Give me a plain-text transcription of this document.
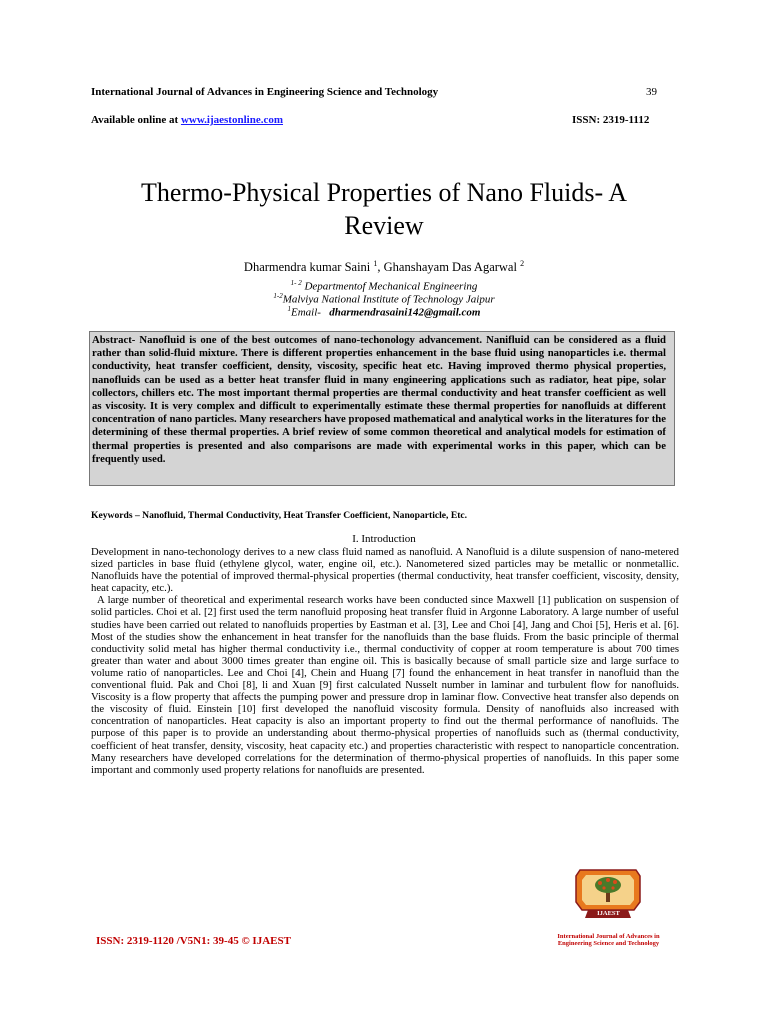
International Journal of Advances in Engineering Science and Technology	39
Available online at www.ijaestonline.com	ISSN: 2319-1112
Thermo-Physical Properties of Nano Fluids- A
Review
Dharmendra kumar Saini $^1$, Ghanshayam Das Agarwal $^2$
$^{1- 2}$ Departmentof Mechanical Engineering
$^{1-2}$Malviya National Institute of Technology Jaipur
$^1$Email- dharmendrasaini142@gmail.com
Abstract- Nanofluid is one of the best outcomes of nano-techonology advancement. Nanifluid can be considered as a fluid rather than solid-fluid mixture. There is different properties enhancement in the base fluid using nanoparticles i.e. thermal conductivity, heat transfer coefficient, density, viscosity, specific heat etc. Having improved thermo physical properties, nanofluids can be used as a better heat transfer fluid in many engineering applications such as radiator, heat pipe, solar collectors, chillers etc. The most important thermal properties are thermal conductivity and heat transfer coefficient as well as viscosity. It is very complex and difficult to experimentally estimate these thermal properties for nanofluids at different concentration of nano particles. Many researchers have proposed mathematical and analytical works in the literatures for the determining of these thermal properties. A brief review of some common theoretical and analytical models for estimation of thermal properties is presented and also comparisons are made with experimental works in this paper, which can be frequently used.
Keywords – Nanofluid, Thermal Conductivity, Heat Transfer Coefficient, Nanoparticle, Etc.
I. Introduction

Development in nano-techonology derives to a new class fluid named as nanofluid. A Nanofluid is a dilute suspension of nano-metered sized particles in base fluid (ethylene glycol, water, engine oil, etc.). Nanometered sized particles may be metallic or nonmetallic. Nanofluids have the potential of improved thermal-physical properties (thermal conductivity, heat transfer coefficient, viscosity, density, heat capacity, etc.).

A large number of theoretical and experimental research works have been conducted since Maxwell [1] publication on suspension of solid particles. Choi et al. [2] first used the term nanofluid proposing heat transfer fluid in Argonne Laboratory. A large number of useful studies have been carried out related to nanofluids properties by Eastman et al. [3], Lee and Choi [4], Jang and Choi [5], Heris et al. [6]. Most of the studies show the enhancement in heat transfer for the nanofluids than the base fluids. From the basic principle of thermal conductivity solid metal has higher thermal conductivity i.e., thermal conductivity of copper at room temperature is about 700 times greater than water and about 3000 times greater than engine oil. This is basically because of small particle size and large surface to volume ratio of nanoparticles. Lee and Choi [4], Chein and Huang [7] found the enhancement in heat transfer in nanofluid than the conventional fluid. Pak and Choi [8], li and Xuan [9] first calculated Nusselt number in laminar and turbulent flow for nanofluids. Viscosity is a flow property that affects the pumping power and pressure drop in laminar flow. Convective heat transfer also depends on the viscosity of fluid. Einstein [10] first developed the nanofluid viscosity formula. Density of nanofluids also increased with concentration of nanoparticles. Heat capacity is also an important property to find out the thermal performance of nanofluids. The purpose of this paper is to provide an understanding about thermo-physical properties of nanofluids such as (thermal conductivity, coefficient of heat transfer, density, viscosity, heat capacity etc.) and properties characteristic with respect to nanoparticle concentration. Many researchers have developed correlations for the determination of thermo-physical properties of nanofluids. In this paper some important and commonly used property relations for nanofluids are presented.

IJAEST
International Journal of Advances in
Engineering Science and Technology
ISSN: 2319-1120 /V5N1: 39-45 © IJAEST
